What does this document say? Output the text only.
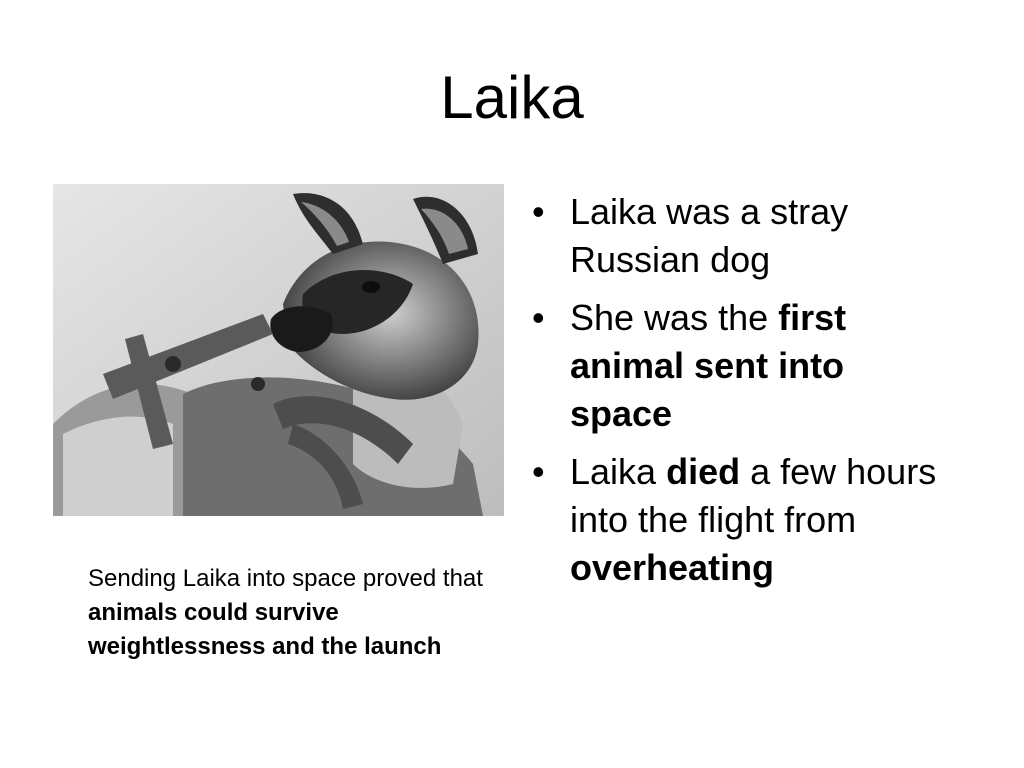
Laika
• Laika was a stray Russian dog
• She was the first animal sent into space
• Laika died a few hours into the flight from overheating
Sending Laika into space proved that animals could survive weightlessness and the launch
